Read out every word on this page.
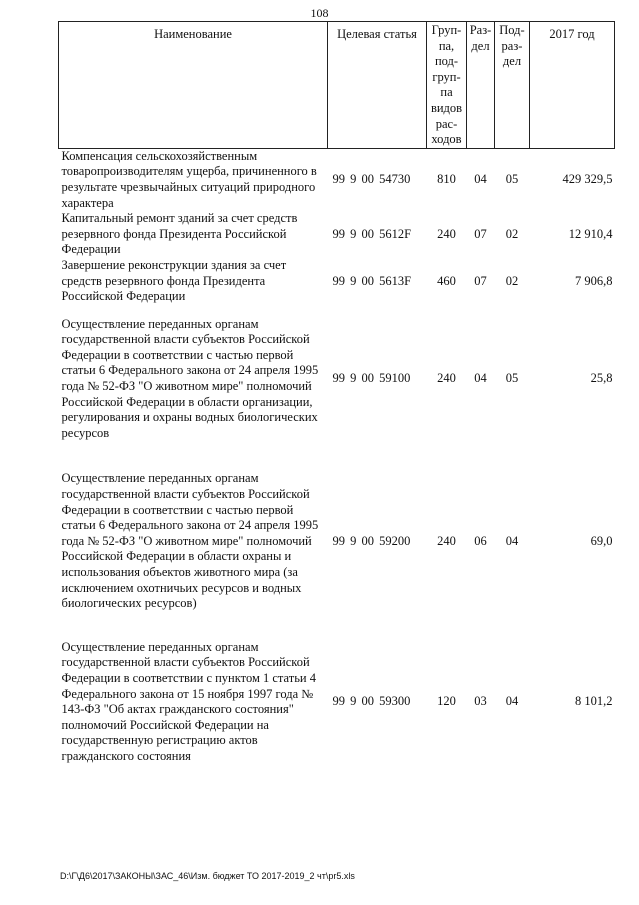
108
Наименование	Целевая статья	Груп-па, под-груп-па видов рас-ходов	Раз-дел	Под-раз-дел	2017 год
Компенсация сельскохозяйственным товаропроизводителям ущерба, причиненного в результате чрезвычайных ситуаций природного характера	99 9 00 54730	810	04	05	429 329,5
Капитальный ремонт зданий за счет средств резервного фонда Президента Российской Федерации	99 9 00 5612F	240	07	02	12 910,4
Завершение реконструкции здания за счет средств резервного фонда Президента Российской Федерации	99 9 00 5613F	460	07	02	7 906,8

Осуществление переданных органам государственной власти субъектов Российской Федерации в соответствии с частью первой статьи 6 Федерального закона от 24 апреля 1995 года № 52-ФЗ "О животном мире" полномочий Российской Федерации в области организации, регулирования и охраны водных биологических ресурсов	99 9 00 59100	240	04	05	25,8

Осуществление переданных органам государственной власти субъектов Российской Федерации в соответствии с частью первой статьи 6 Федерального закона от 24 апреля 1995 года № 52-ФЗ "О животном мире" полномочий Российской Федерации в области охраны и использования объектов животного мира (за исключением охотничьих ресурсов и водных биологических ресурсов)	99 9 00 59200	240	06	04	69,0

Осуществление переданных органам государственной власти субъектов Российской Федерации в соответствии с пунктом 1 статьи 4 Федерального закона от 15 ноября 1997 года № 143-ФЗ "Об актах гражданского состояния" полномочий Российской Федерации на государственную регистрацию актов гражданского состояния	99 9 00 59300	120	03	04	8 101,2
D:\Г\Д6\2017\ЗАКОНЫ\ЗАС_46\Изм. бюджет ТО 2017-2019_2 чт\pr5.xls
